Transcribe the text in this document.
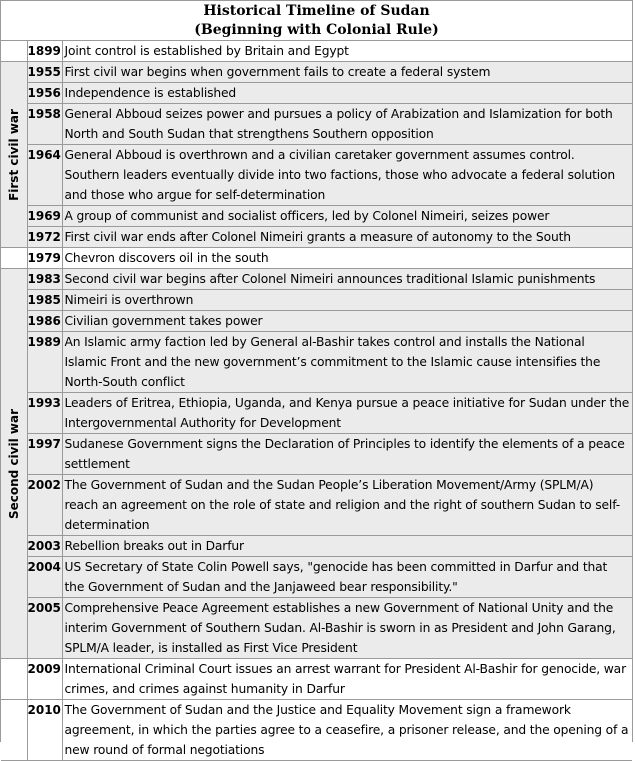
Historical Timeline of Sudan
(Beginning with Colonial Rule)
	1899	Joint control is established by Britain and Egypt

First civil war	1955	First civil war begins when government fails to create a federal system
	1956	Independence is established
	1958	General Abboud seizes power and pursues a policy of Arabization and Islamization for both North and South Sudan that strengthens Southern opposition
	1964	General Abboud is overthrown and a civilian caretaker government assumes control. Southern leaders eventually divide into two factions, those who advocate a federal solution and those who argue for self-determination
	1969	A group of communist and socialist officers, led by Colonel Nimeiri, seizes power
	1972	First civil war ends after Colonel Nimeiri grants a measure of autonomy to the South
	1979	Chevron discovers oil in the south

Second civil war	1983	Second civil war begins after Colonel Nimeiri announces traditional Islamic punishments
	1985	Nimeiri is overthrown
	1986	Civilian government takes power
	1989	An Islamic army faction led by General al-Bashir takes control and installs the National Islamic Front and the new government’s commitment to the Islamic cause intensifies the North-South conflict
	1993	Leaders of Eritrea, Ethiopia, Uganda, and Kenya pursue a peace initiative for Sudan under the Intergovernmental Authority for Development
	1997	Sudanese Government signs the Declaration of Principles to identify the elements of a peace settlement
	2002	The Government of Sudan and the Sudan People’s Liberation Movement/Army (SPLM/A) reach an agreement on the role of state and religion and the right of southern Sudan to self-determination
	2003	Rebellion breaks out in Darfur
	2004	US Secretary of State Colin Powell says, "genocide has been committed in Darfur and that the Government of Sudan and the Janjaweed bear responsibility."
	2005	Comprehensive Peace Agreement establishes a new Government of National Unity and the interim Government of Southern Sudan. Al-Bashir is sworn in as President and John Garang, SPLM/A leader, is installed as First Vice President
	2009	International Criminal Court issues an arrest warrant for President Al-Bashir for genocide, war crimes, and crimes against humanity in Darfur
	2010	The Government of Sudan and the Justice and Equality Movement sign a framework agreement, in which the parties agree to a ceasefire, a prisoner release, and the opening of a new round of formal negotiations
